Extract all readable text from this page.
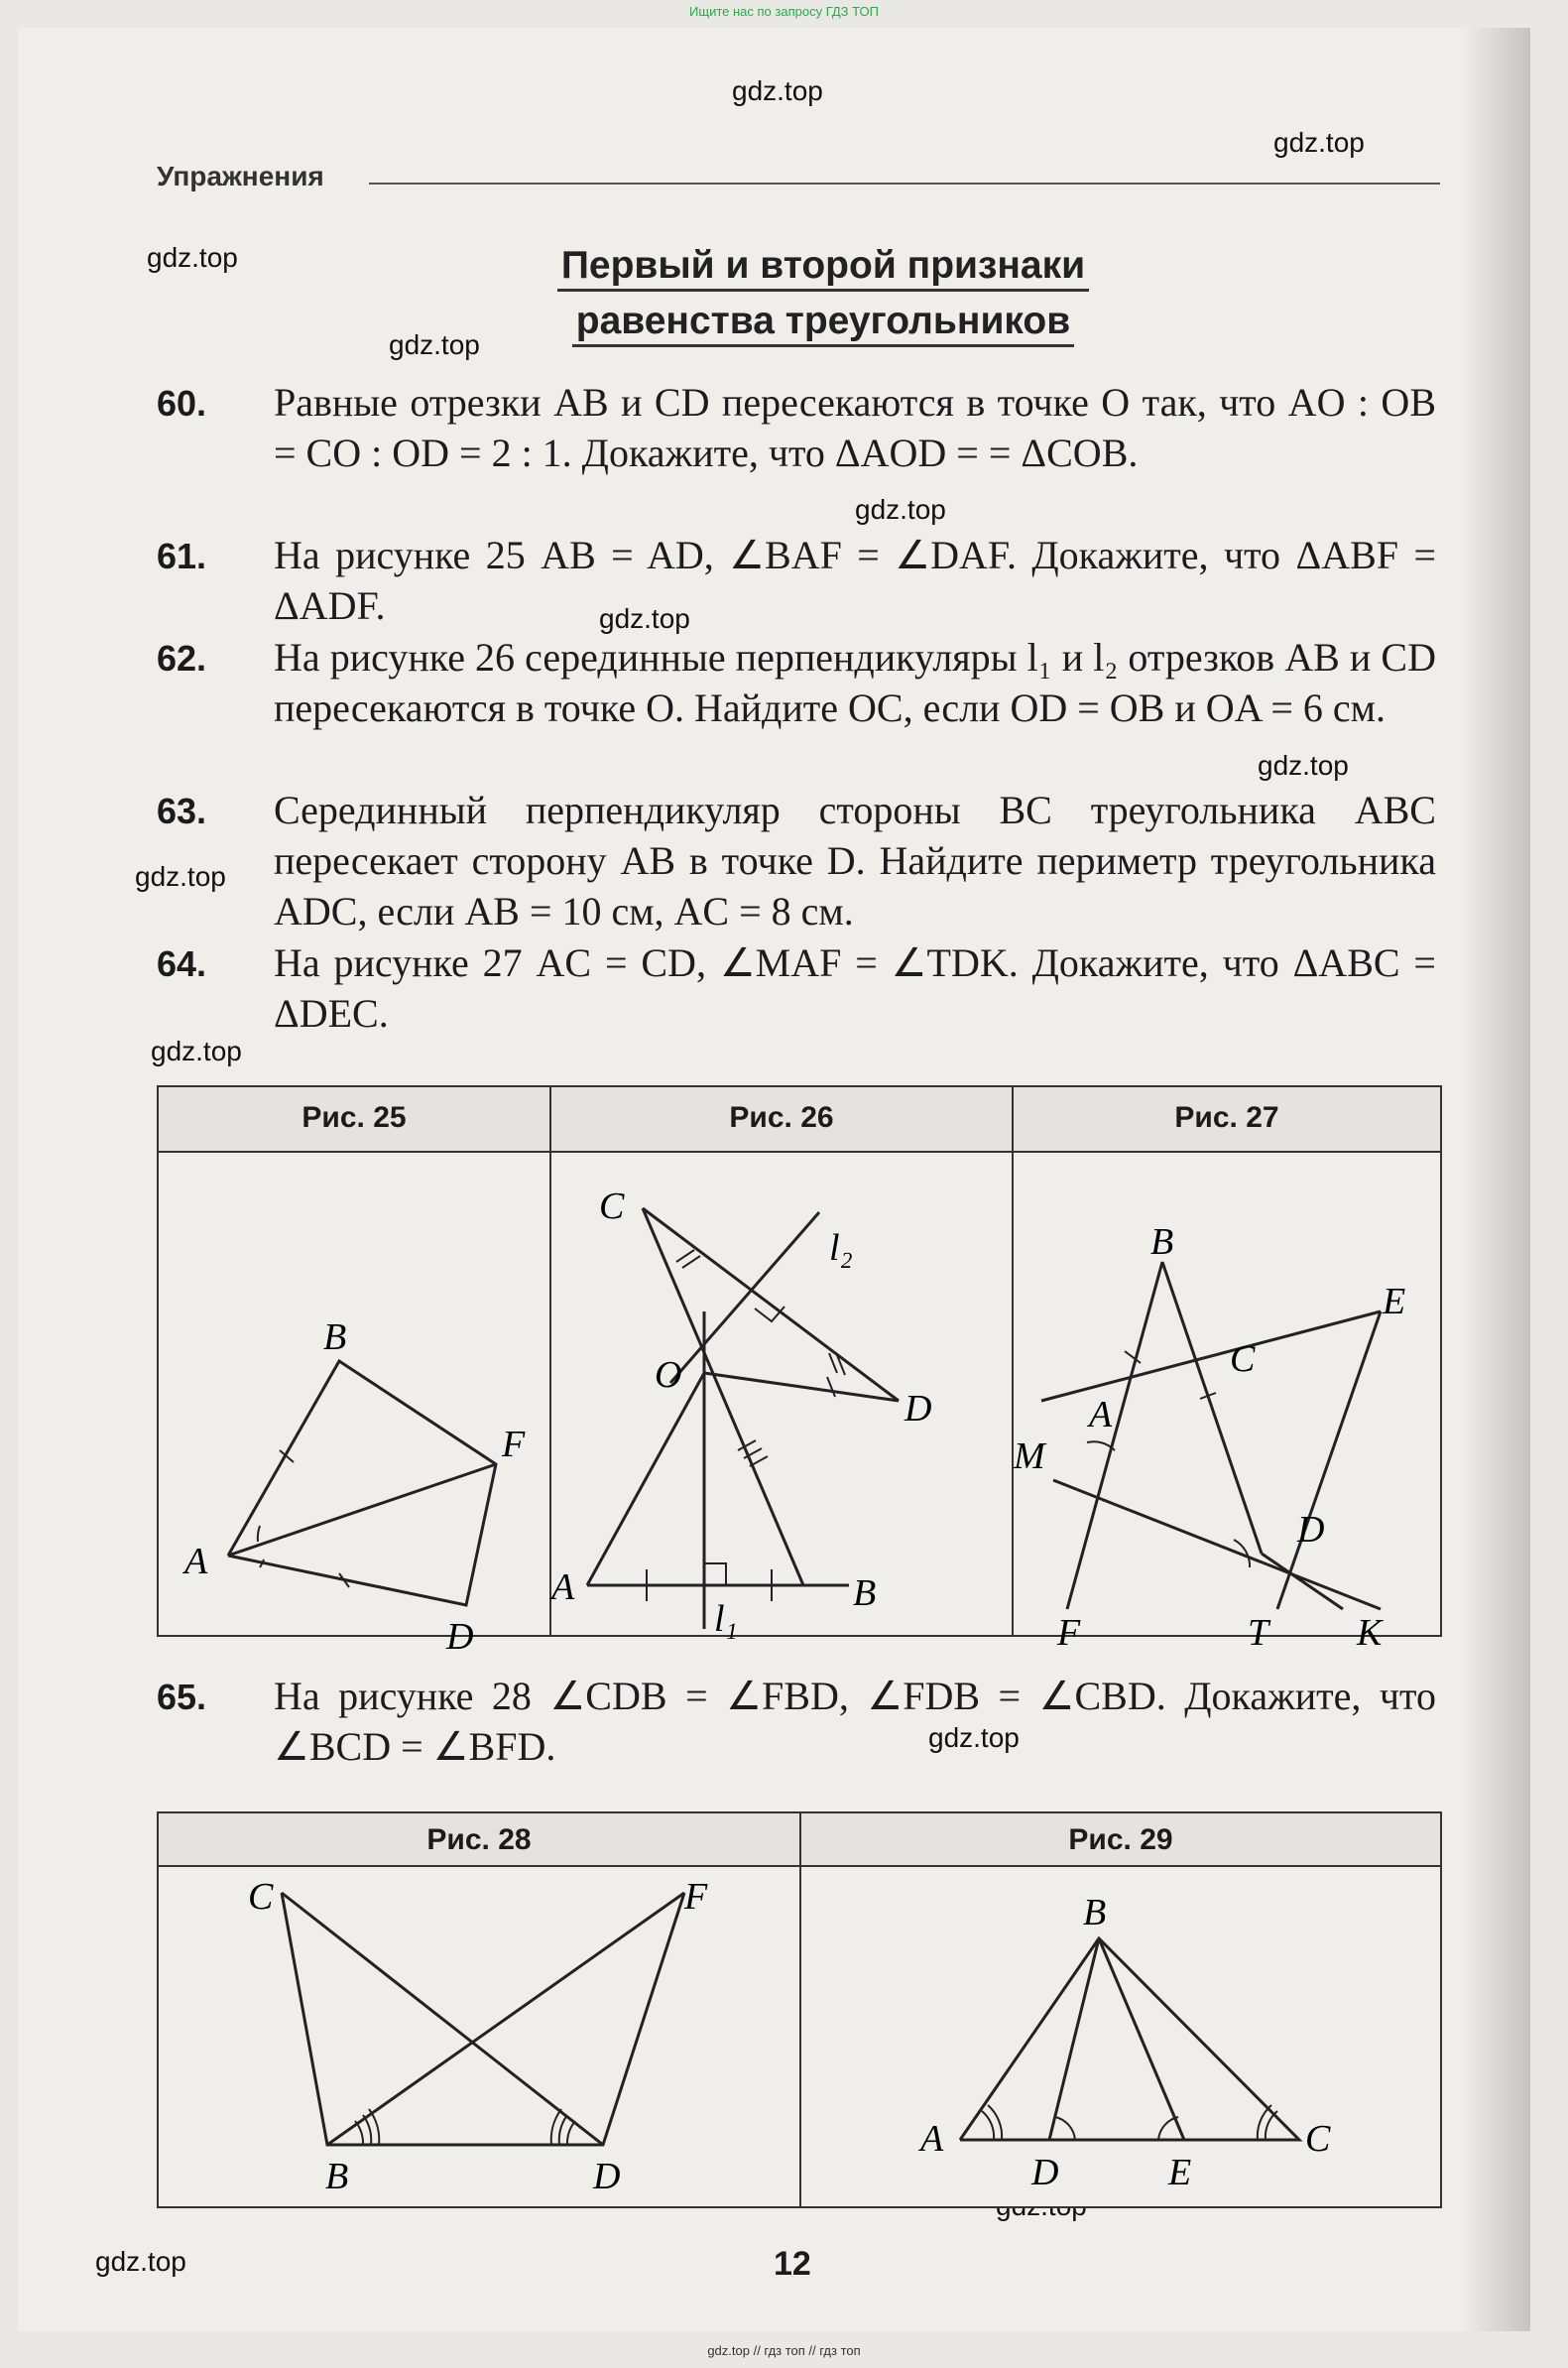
Ищите нас по запросу ГДЗ ТОП
gdz.top
gdz.top
gdz.top
gdz.top
gdz.top
gdz.top
gdz.top
gdz.top
gdz.top
gdz.top
gdz.top
Упражнения
Первый и второй признаки
равенства треугольников
60. Равные отрезки AB и CD пересекаются в точке O так, что AO : OB = CO : OD = 2 : 1. Докажите, что ΔAOD = = ΔCOB.
61. На рисунке 25 AB = AD, ∠BAF = ∠DAF. Докажите, что ΔABF = ΔADF.
62. На рисунке 26 серединные перпендикуляры l₁ и l₂ отрезков AB и CD пересекаются в точке O. Найдите OC, если OD = OB и OA = 6 см.
63. Серединный перпендикуляр стороны BC треугольника ABC пересекает сторону AB в точке D. Найдите периметр треугольника ADC, если AB = 10 см, AC = 8 см.
64. На рисунке 27 AC = CD, ∠MAF = ∠TDK. Докажите, что ΔABC = ΔDEC.
Рис. 25	Рис. 26	Рис. 27
A
B
F
D
C
D
O
A	B
l₁
l₂	B
E
C
A
M
D
F	T K
65. На рисунке 28 ∠CDB = ∠FBD, ∠FDB = ∠CBD. Докажите, что ∠BCD = ∠BFD.
Рис. 28	Рис. 29
C	F
B	D
B
A
D	E
C
12
gdz.top // гдз топ // гдз топ
